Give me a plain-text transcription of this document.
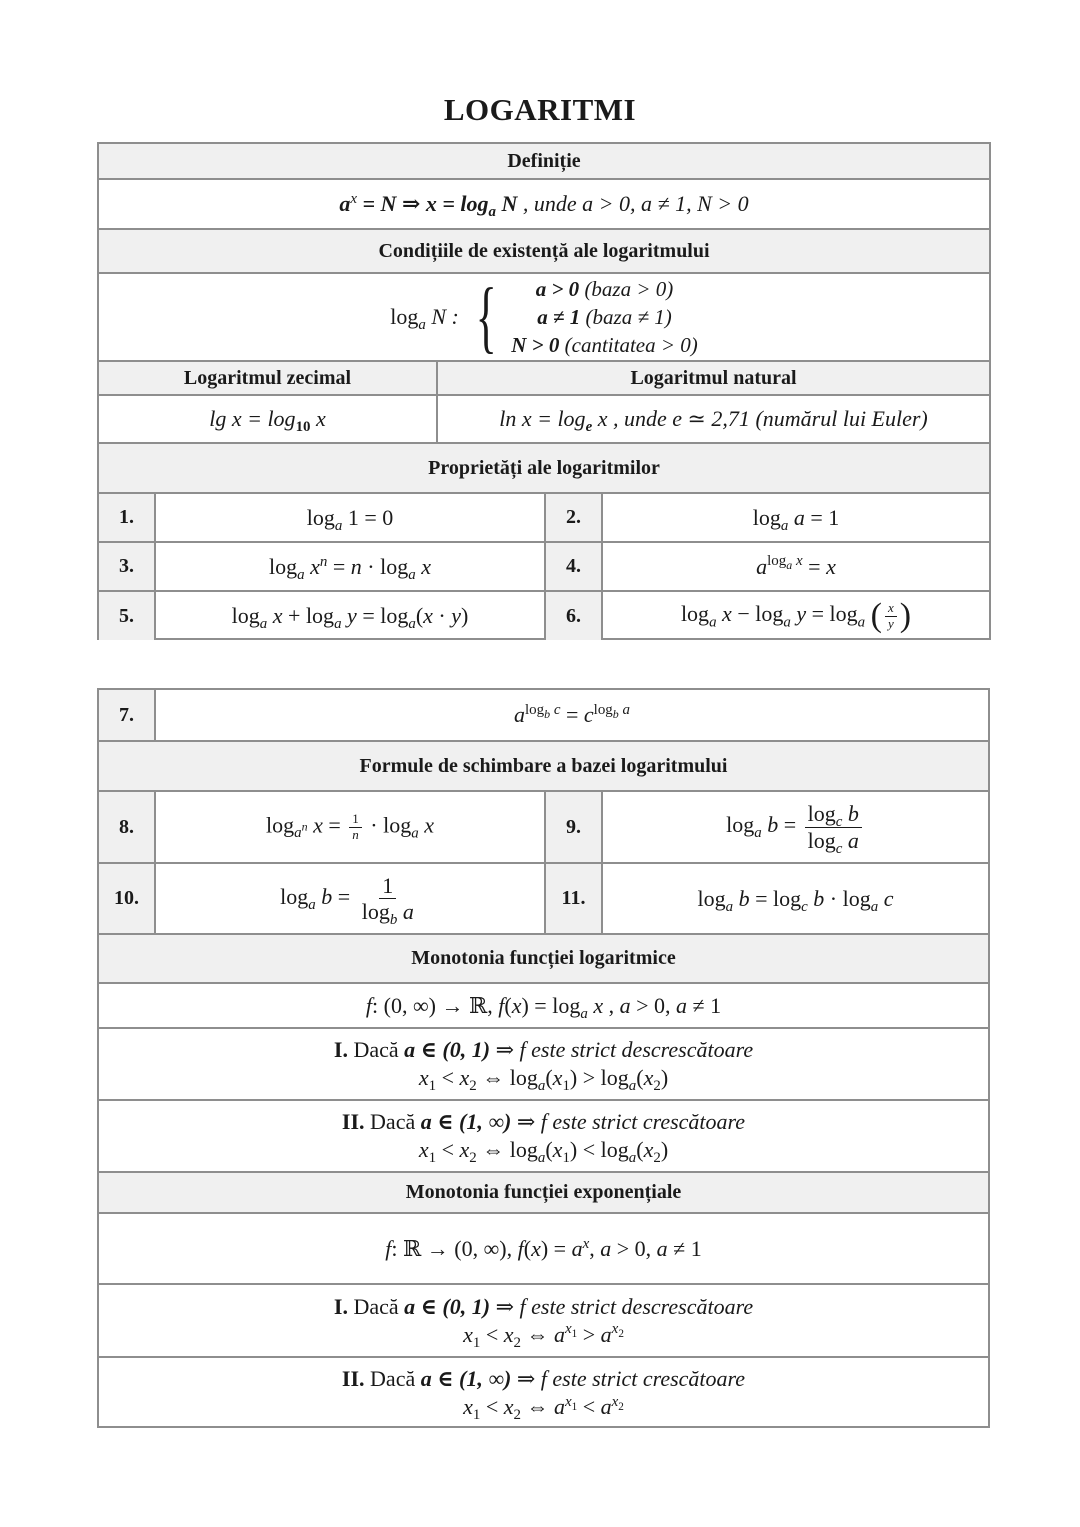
LOGARITMI
Definiție
$a^x = N$ ⇒ $x = \log_a N$ , unde a > 0, a ≠ 1, N > 0
Condițiile de existență ale logaritmului
$\log_a N$ : { a > 0 (baza > 0)
a ≠ 1 (baza ≠ 1)
N > 0 (cantitatea > 0)
Logaritmul zecimal	Logaritmul natural
$\lg x = \log_{10} x$	$\ln x = \log_e x$ , unde e ≃ 2,71 (numărul lui Euler)
Proprietăți ale logaritmilor
1.	$\log_a 1 = 0$	2.	$\log_a a = 1$
3.	$\log_a x^n = n \cdot \log_a x$	4.	$a^{log_a x} = x$
5.	$\log_a x + \log_a y = \log_a(x \cdot y)$	6.	$\log_a x - \log_a y = \log_a$ ( $\frac{x}{y}$ )
7.	$a^{log_b c} = c^{log_b a}$
Formule de schimbare a bazei logaritmului
8.	$\log_{a^n} x = \frac{1}{n} \cdot \log_a x$	9.	$\log_a b = \frac{\log_c b}{\log_c a}$
10.	$\log_a b = \frac{1}{\log_b a}$	11.	$\log_a b = \log_c b \cdot \log_a c$
Monotonia funcției logaritmice
f: (0, ∞) → ℝ, $f(x) = \log_a x$ , a > 0, a ≠ 1
I. Dacă a ∈ (0, 1) ⇒ f este strict descrescătoare
$x_1 < x_2$ ⇔ $\log_a(x_1) > \log_a(x_2)$
II. Dacă a ∈ (1, ∞) ⇒ f este strict crescătoare
$x_1 < x_2$ ⇔ $\log_a(x_1) < \log_a(x_2)$
Monotonia funcției exponențiale
f: ℝ → (0, ∞), $f(x) = a^x$, a > 0, a ≠ 1
I. Dacă a ∈ (0, 1) ⇒ f este strict descrescătoare
$x_1 < x_2$ ⇔ $a^{x_1} > a^{x_2}$
II. Dacă a ∈ (1, ∞) ⇒ f este strict crescătoare
$x_1 < x_2$ ⇔ $a^{x_1} < a^{x_2}$
